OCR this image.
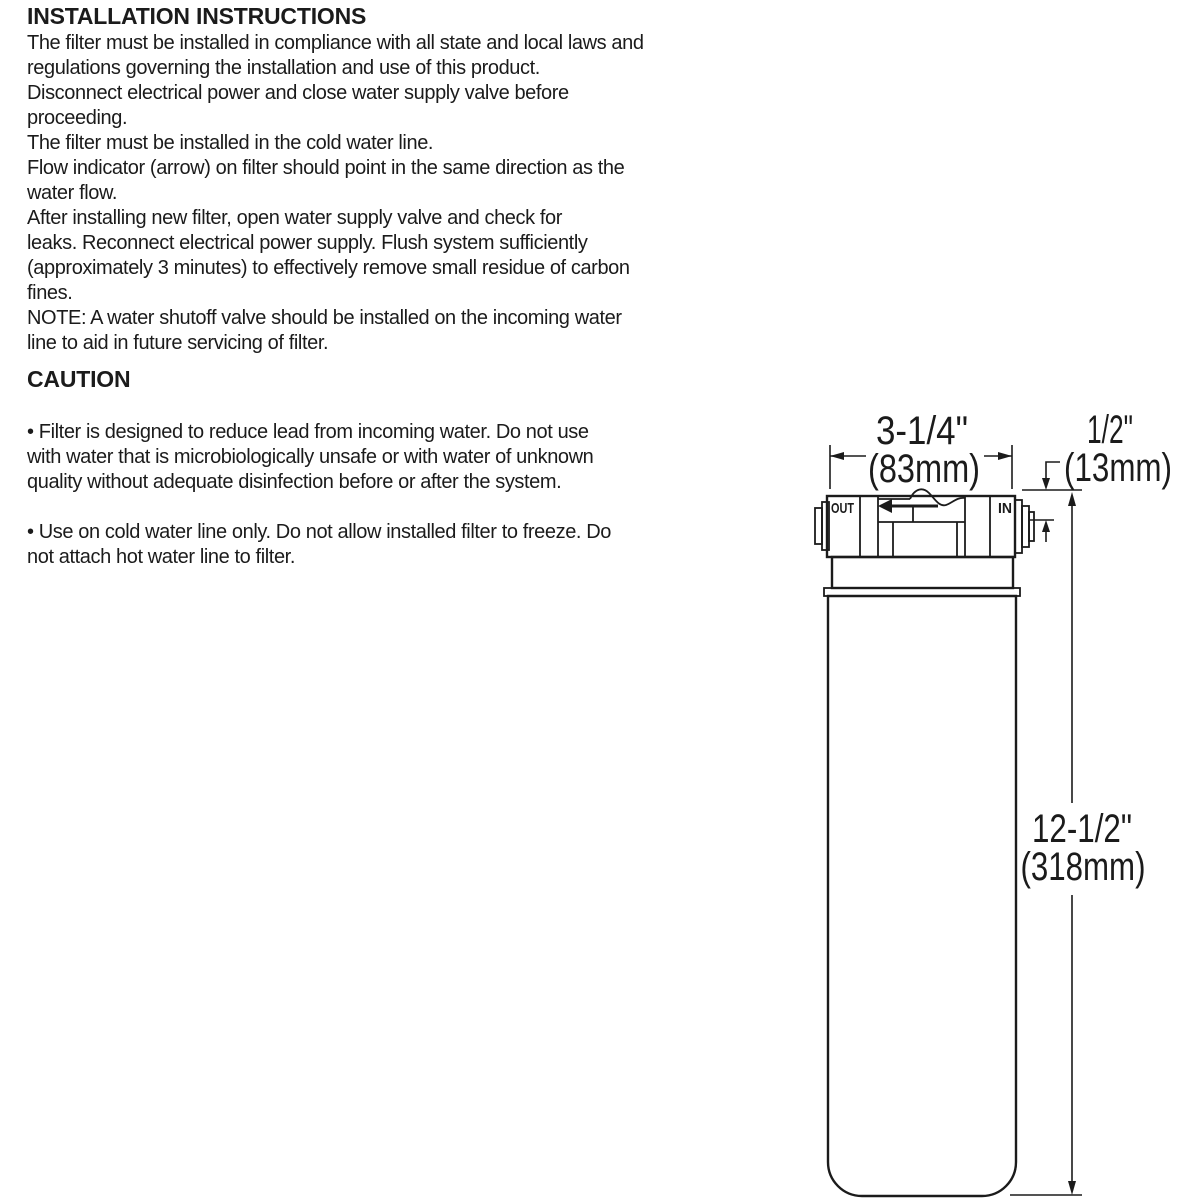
INSTALLATION INSTRUCTIONS
The filter must be installed in compliance with all state and local laws and
regulations governing the installation and use of this product.
Disconnect electrical power and close water supply valve before
proceeding.
The filter must be installed in the cold water line.
Flow indicator (arrow) on filter should point in the same direction as the
water flow.
After installing new filter, open water supply valve and check for
leaks. Reconnect electrical power supply. Flush system sufficiently
(approximately 3 minutes) to effectively remove small residue of carbon
fines.
NOTE: A water shutoff valve should be installed on the incoming water
line to aid in future servicing of filter.
CAUTION
• Filter is designed to reduce lead from incoming water. Do not use
with water that is microbiologically unsafe or with water of unknown
quality without adequate disinfection before or after the system.
• Use on cold water line only. Do not allow installed filter to freeze. Do
not attach hot water line to filter.
OUT	IN
3-1/4"
(83mm)
1/2"
(13mm)
12-1/2"
(318mm)
